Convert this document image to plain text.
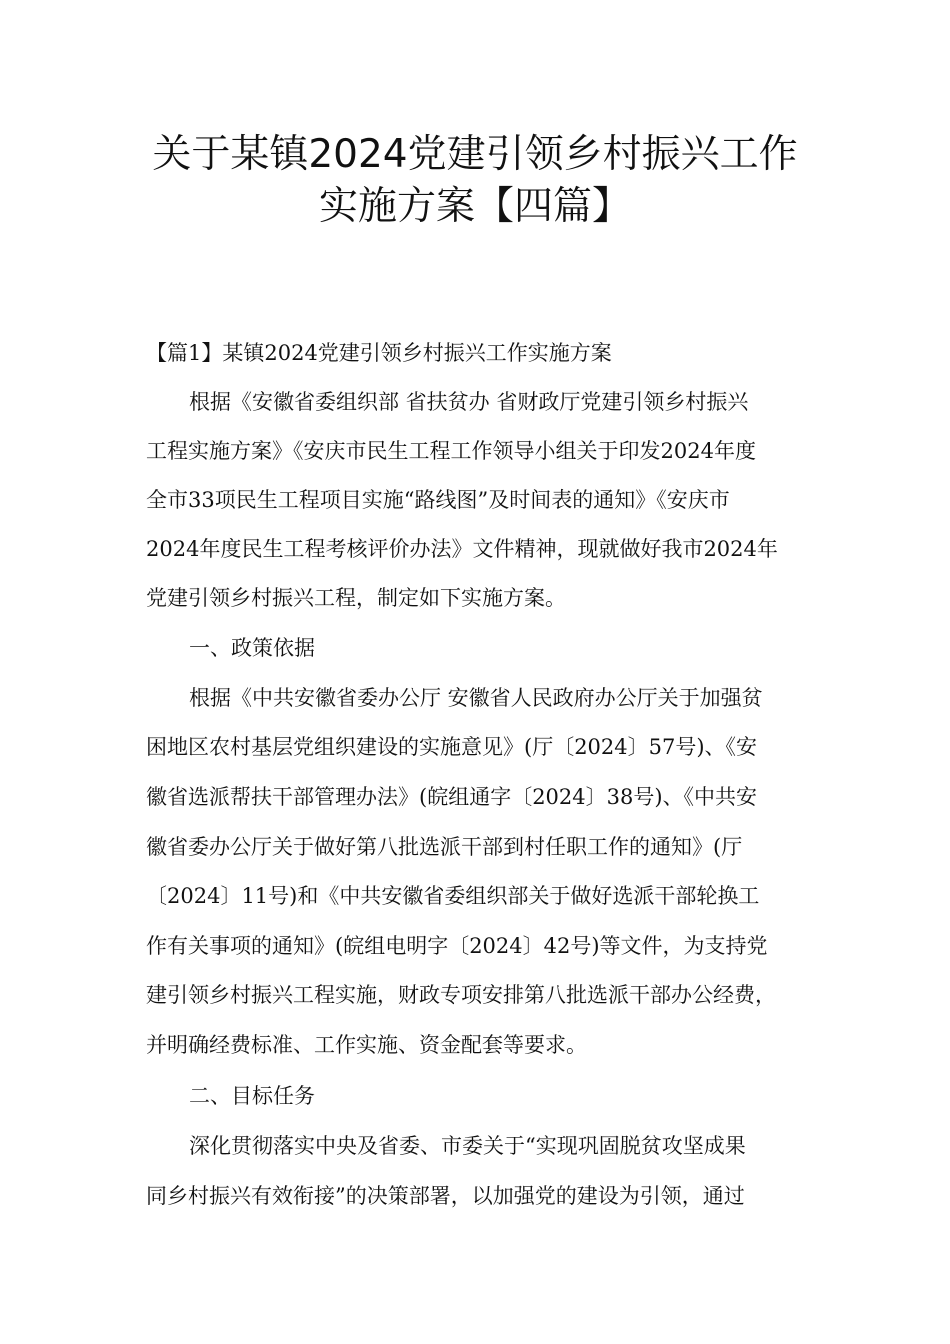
关于某镇2024党建引领乡村振兴工作
实施方案【四篇】
【篇1】某镇2024党建引领乡村振兴工作实施方案
根据《安徽省委组织部 省扶贫办 省财政厅党建引领乡村振兴
工程实施方案》《安庆市民生工程工作领导小组关于印发2024年度
全市33项民生工程项目实施“路线图”及时间表的通知》《安庆市
2024年度民生工程考核评价办法》文件精神，现就做好我市2024年
党建引领乡村振兴工程，制定如下实施方案。
一、政策依据
根据《中共安徽省委办公厅 安徽省人民政府办公厅关于加强贫
困地区农村基层党组织建设的实施意见》(厅〔2024〕57号)、《安
徽省选派帮扶干部管理办法》(皖组通字〔2024〕38号)、《中共安
徽省委办公厅关于做好第八批选派干部到村任职工作的通知》(厅
〔2024〕11号)和《中共安徽省委组织部关于做好选派干部轮换工
作有关事项的通知》(皖组电明字〔2024〕42号)等文件，为支持党
建引领乡村振兴工程实施，财政专项安排第八批选派干部办公经费，
并明确经费标准、工作实施、资金配套等要求。
二、目标任务
深化贯彻落实中央及省委、市委关于“实现巩固脱贫攻坚成果
同乡村振兴有效衔接”的决策部署，以加强党的建设为引领，通过
